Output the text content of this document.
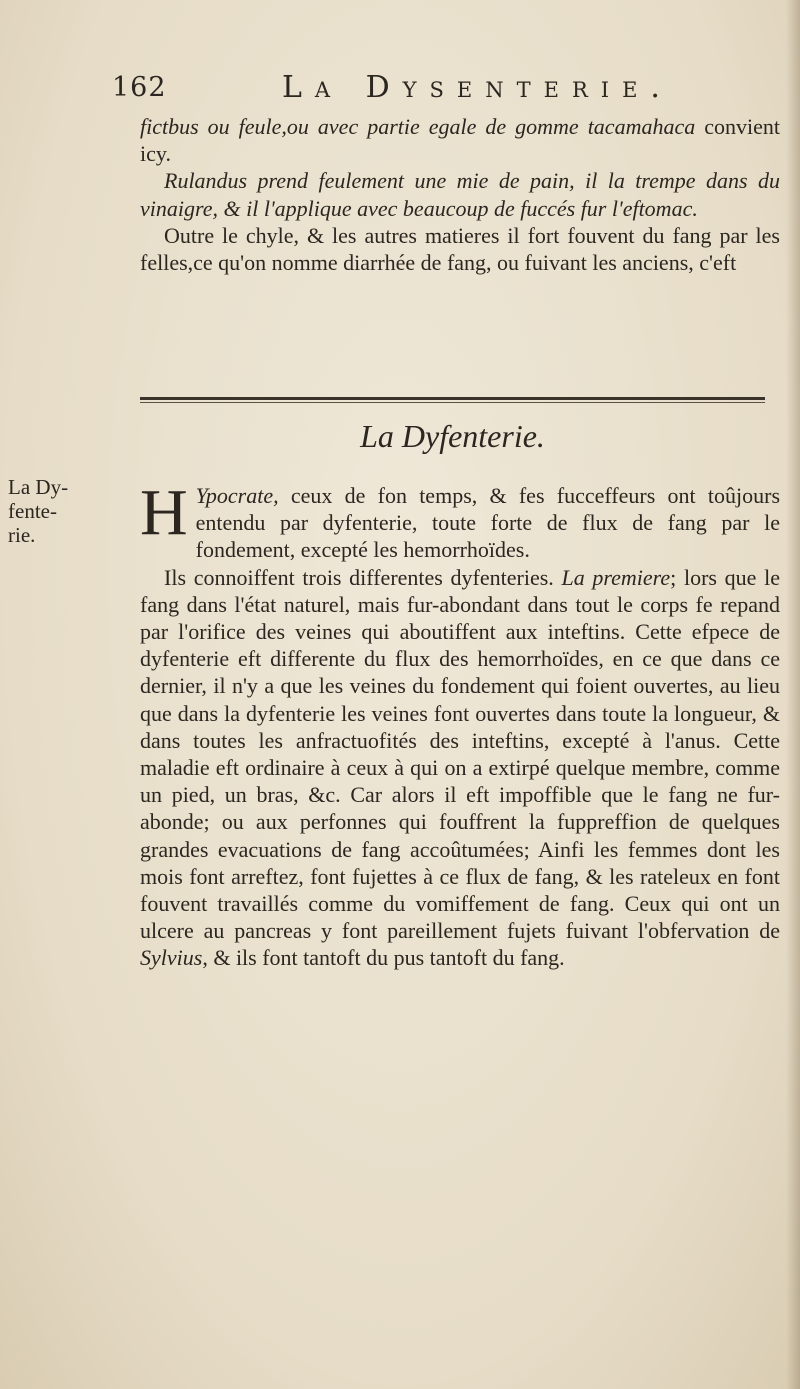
162	La Dysenterie.
fictbus ou feule,ou avec partie egale de gomme tacamahaca convient icy.
Rulandus prend feulement une mie de pain, il la trempe dans du vinaigre, & il l'applique avec beaucoup de fuccés fur l'eftomac.
Outre le chyle, & les autres matieres il fort fouvent du fang par les felles,ce qu'on nomme diarrhée de fang, ou fuivant les anciens, c'eft
La Dyfenterie.
La Dy-
fente-
rie.	H Ypocrate, ceux de fon temps, & fes fucceffeurs ont toûjours entendu par dyfenterie, toute forte de flux de fang par le fondement, excepté les hemorrhoïdes.
Ils connoiffent trois differentes dyfenteries. La premiere; lors que le fang dans l'état naturel, mais fur-abondant dans tout le corps fe repand par l'orifice des veines qui aboutiffent aux inteftins. Cette efpece de dyfenterie eft differente du flux des hemorrhoïdes, en ce que dans ce dernier, il n'y a que les veines du fondement qui foient ouvertes, au lieu que dans la dyfenterie les veines font ouvertes dans toute la longueur, & dans toutes les anfractuofités des inteftins, excepté à l'anus. Cette maladie eft ordinaire à ceux à qui on a extirpé quelque membre, comme un pied, un bras, &c. Car alors il eft impoffible que le fang ne fur-abonde; ou aux perfonnes qui fouffrent la fuppreffion de quelques grandes evacuations de fang accoûtumées; Ainfi les femmes dont les mois font arreftez, font fujettes à ce flux de fang, & les rateleux en font fouvent travaillés comme du vomiffement de fang. Ceux qui ont un ulcere au pancreas y font pareillement fujets fuivant l'obfervation de Sylvius, & ils font tantoft du pus tantoft du fang.
